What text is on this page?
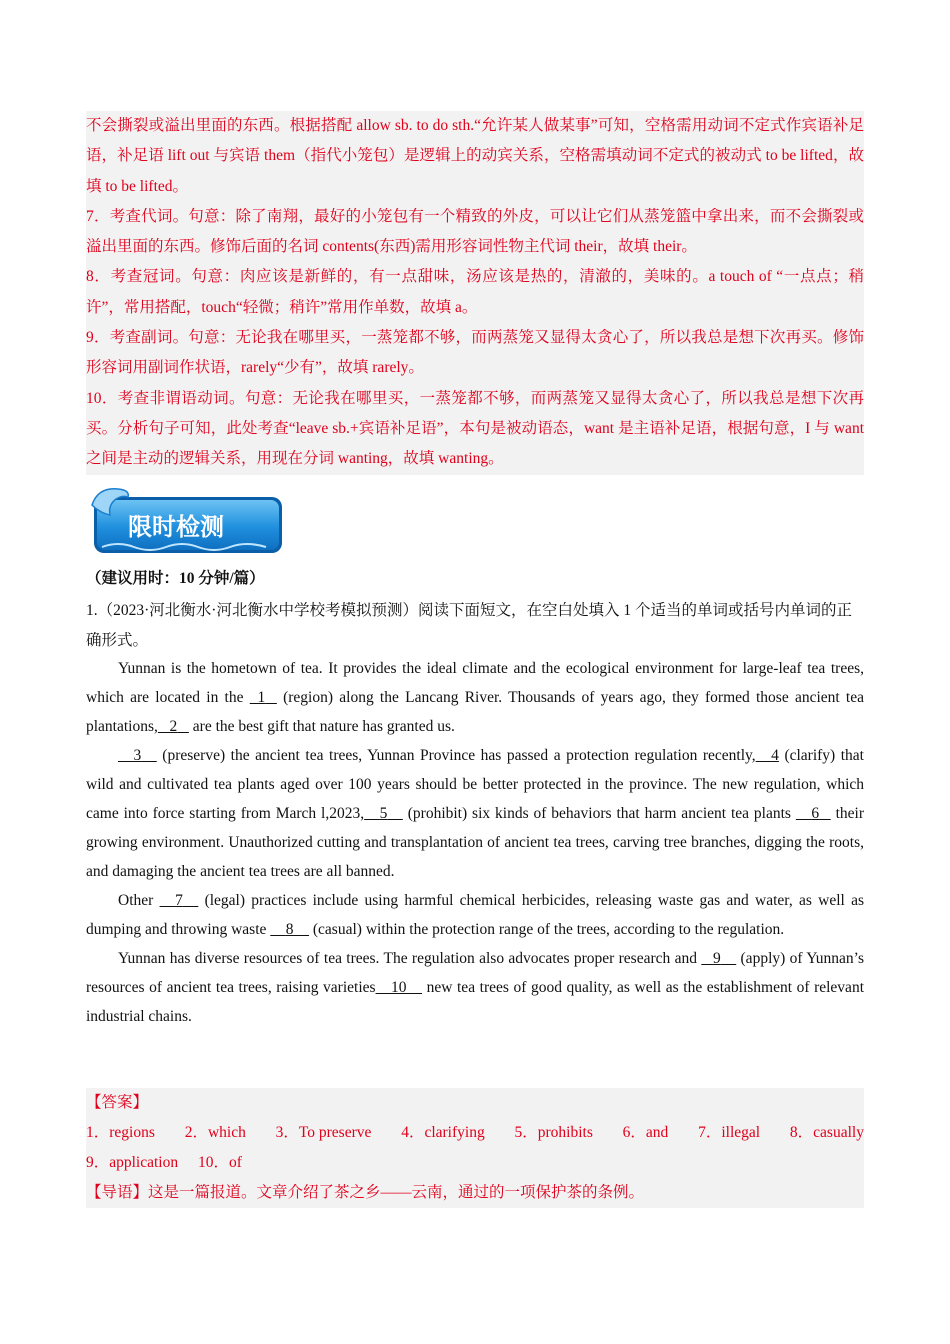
不会撕裂或溢出里面的东西。根据搭配 allow sb. to do sth.“允许某人做某事”可知，空格需用动词不定式作宾语补足语，补足语 lift out 与宾语 them（指代小笼包）是逻辑上的动宾关系，空格需填动词不定式的被动式 to be lifted，故填 to be lifted。

7．考查代词。句意：除了南翔，最好的小笼包有一个精致的外皮，可以让它们从蒸笼篮中拿出来，而不会撕裂或溢出里面的东西。修饰后面的名词 contents(东西)需用形容词性物主代词 their，故填 their。

8．考查冠词。句意：肉应该是新鲜的，有一点甜味，汤应该是热的，清澈的，美味的。a touch of “一点点；稍许”，常用搭配，touch“轻微；稍许”常用作单数，故填 a。

9．考查副词。句意：无论我在哪里买，一蒸笼都不够，而两蒸笼又显得太贪心了，所以我总是想下次再买。修饰形容词用副词作状语，rarely“少有”，故填 rarely。

10．考查非谓语动词。句意：无论我在哪里买，一蒸笼都不够，而两蒸笼又显得太贪心了，所以我总是想下次再买。分析句子可知，此处考查“leave sb.+宾语补足语”，本句是被动语态，want 是主语补足语，根据句意，I 与 want 之间是主动的逻辑关系，用现在分词 wanting，故填 wanting。

限时检测
（建议用时：10 分钟/篇）

1.（2023·河北衡水·河北衡水中学校考模拟预测）阅读下面短文，在空白处填入 1 个适当的单词或括号内单词的正确形式。

Yunnan is the hometown of tea. It provides the ideal climate and the ecological environment for large-leaf tea trees, which are located in the   1    (region) along the Lancang River. Thousands of years ago, they formed those ancient tea plantations, 2    are the best gift that nature has granted us.

3     (preserve) the ancient tea trees, Yunnan Province has passed a protection regulation recently, 4 (clarify) that wild and cultivated tea plants aged over 100 years should be better protected in the province. The new regulation, which came into force starting from March l,2023, 5     (prohibit) six kinds of behaviors that harm ancient tea plants     6    their growing environment. Unauthorized cutting and transplantation of ancient tea trees, carving tree branches, digging the roots, and damaging the ancient tea trees are all banned.

Other     7     (legal) practices include using harmful chemical herbicides, releasing waste gas and water, as well as dumping and throwing waste     8     (casual) within the protection range of the trees, according to the regulation.

Yunnan has diverse resources of tea trees. The regulation also advocates proper research and    9     (apply) of Yunnan’s resources of ancient tea trees, raising varieties 10     new tea trees of good quality, as well as the establishment of relevant industrial chains.

【答案】

1．regions 2．which 3．To preserve 4．clarifying 5．prohibits 6．and 7．illegal 8．casually

9．application 10．of

【导语】这是一篇报道。文章介绍了茶之乡——云南，通过的一项保护茶的条例。
